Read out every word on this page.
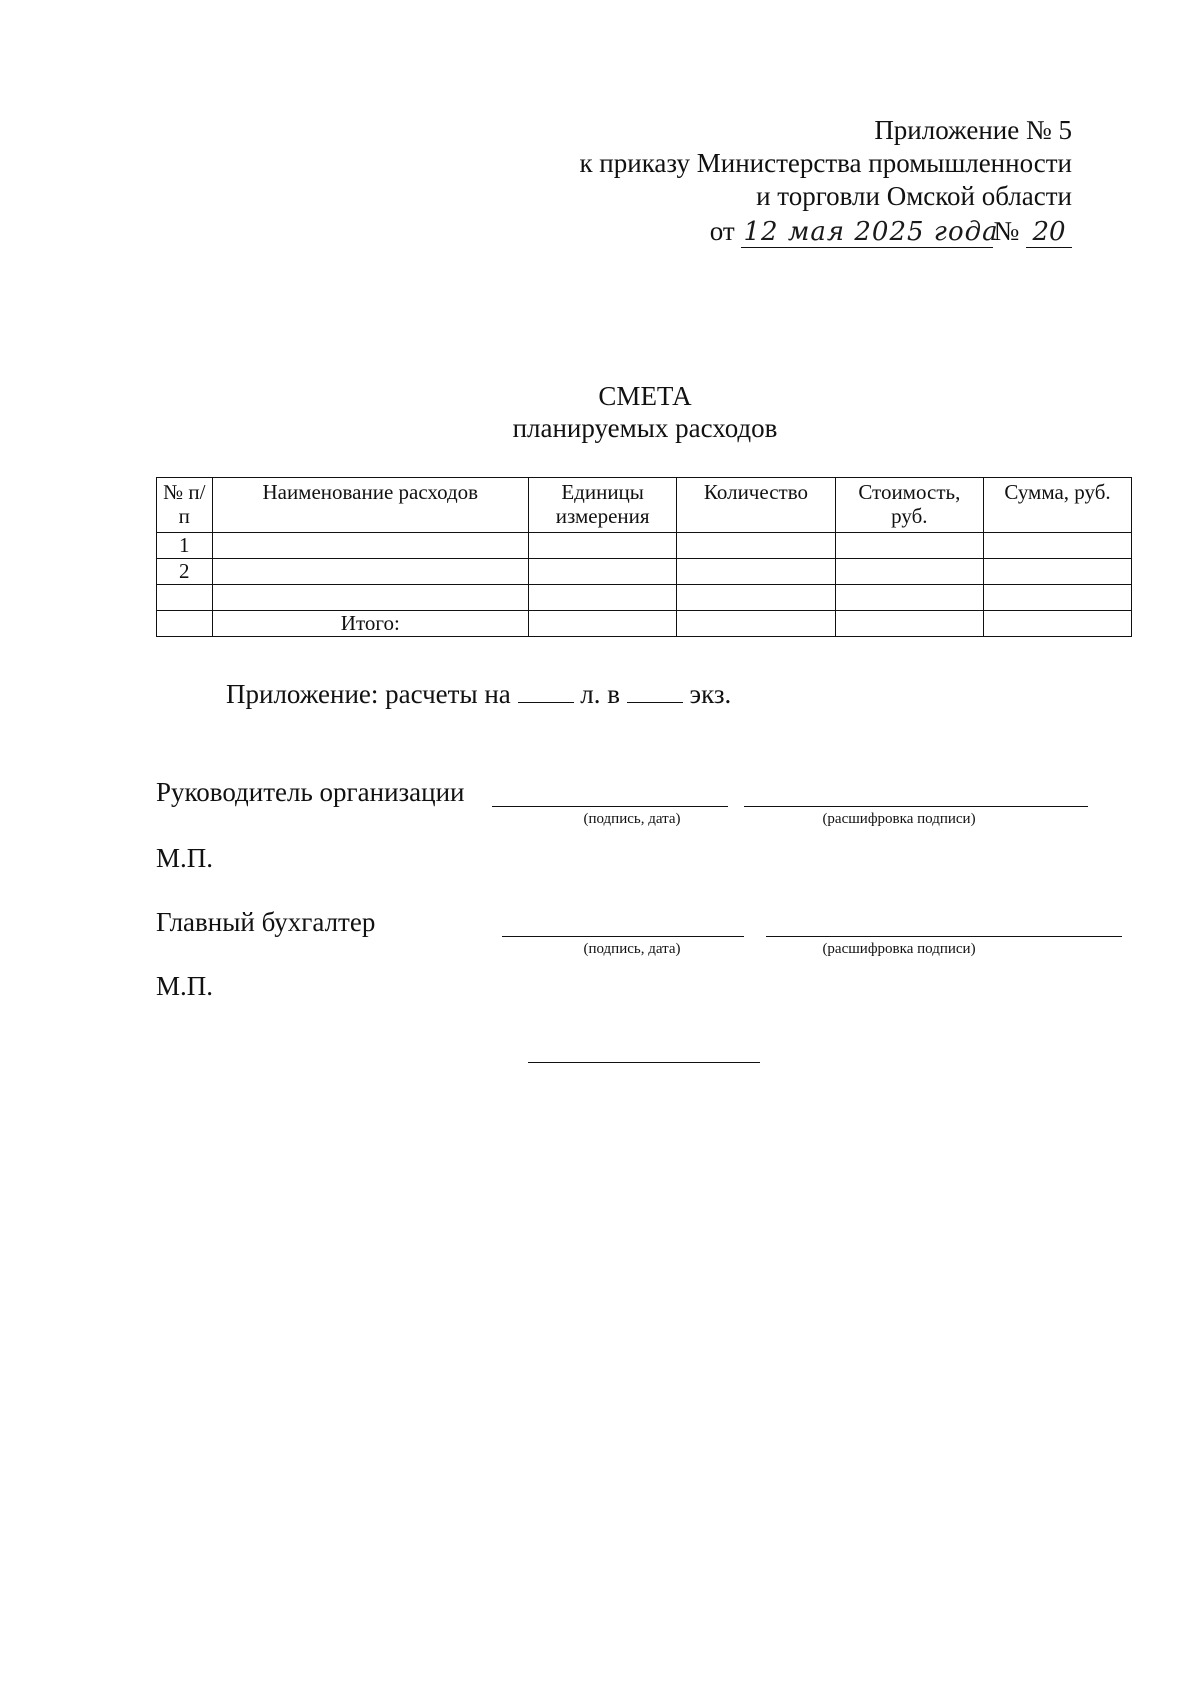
Приложение № 5
к приказу Министерства промышленности
и торговли Омской области
от 12 мая 2025 года№ 20
СМЕТА
планируемых расходов
№ п/п	Наименование расходов	Единицы измерения	Количество	Стоимость, руб.	Сумма, руб.
1					
2					

	Итого:				
Приложение: расчеты на	л. в	экз.
Руководитель организации
(подпись, дата)	(расшифровка подписи)
М.П.
Главный бухгалтер
(подпись, дата)	(расшифровка подписи)
М.П.
